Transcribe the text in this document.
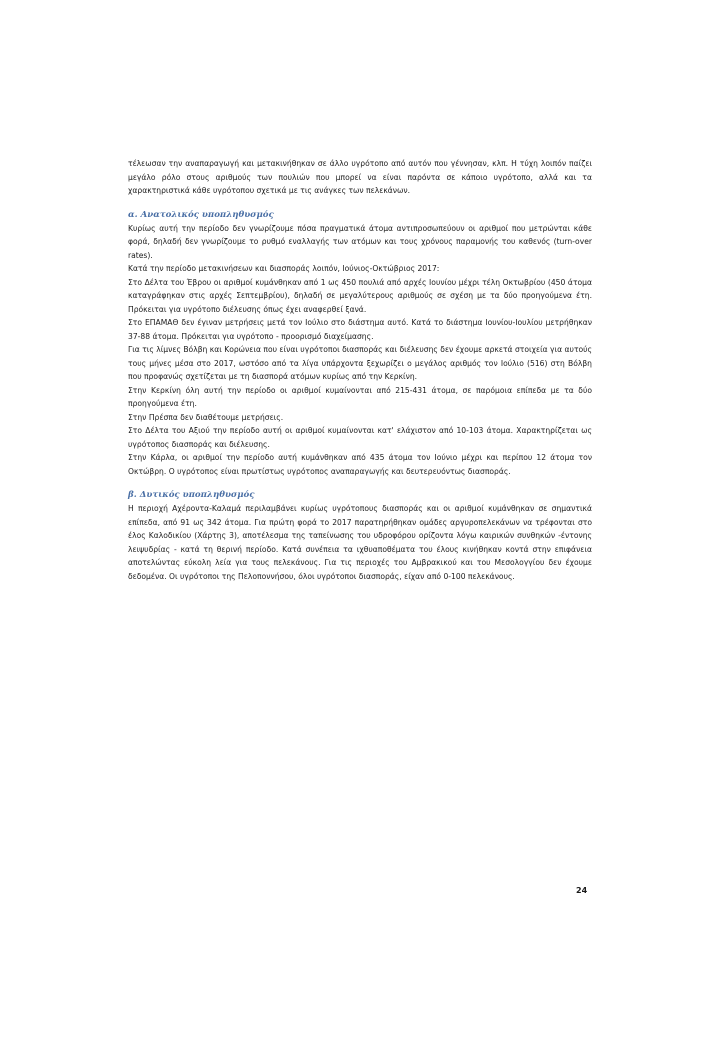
τέλεωσαν την αναπαραγωγή και μετακινήθηκαν σε άλλο υγρότοπο από αυτόν που γέννησαν, κλπ. Η τύχη λοιπόν παίζει μεγάλο ρόλο στους αριθμούς των πουλιών που μπορεί να είναι παρόντα σε κάποιο υγρότοπο, αλλά και τα χαρακτηριστικά κάθε υγρότοπου σχετικά με τις ανάγκες των πελεκάνων.

α. Ανατολικός υποπληθυσμός

Κυρίως αυτή την περίοδο δεν γνωρίζουμε πόσα πραγματικά άτομα αντιπροσωπεύουν οι αριθμοί που μετρώνται κάθε φορά, δηλαδή δεν γνωρίζουμε το ρυθμό εναλλαγής των ατόμων και τους χρόνους παραμονής του καθενός (turn-over rates).

Κατά την περίοδο μετακινήσεων και διασποράς λοιπόν, Ιούνιος-Οκτώβριος 2017:

Στο Δέλτα του Έβρου οι αριθμοί κυμάνθηκαν από 1 ως 450 πουλιά από αρχές Ιουνίου μέχρι τέλη Οκτωβρίου (450 άτομα καταγράφηκαν στις αρχές Σεπτεμβρίου), δηλαδή σε μεγαλύτερους αριθμούς σε σχέση με τα δύο προηγούμενα έτη. Πρόκειται για υγρότοπο διέλευσης όπως έχει αναφερθεί ξανά.

Στο ΕΠΑΜΑΘ δεν έγιναν μετρήσεις μετά τον Ιούλιο στο διάστημα αυτό. Κατά το διάστημα Ιουνίου-Ιουλίου μετρήθηκαν 37-88 άτομα. Πρόκειται για υγρότοπο - προορισμό διαχείμασης.

Για τις λίμνες Βόλβη και Κορώνεια που είναι υγρότοποι διασποράς και διέλευσης δεν έχουμε αρκετά στοιχεία για αυτούς τους μήνες μέσα στο 2017, ωστόσο από τα λίγα υπάρχοντα ξεχωρίζει ο μεγάλος αριθμός τον Ιούλιο (516) στη Βόλβη που προφανώς σχετίζεται με τη διασπορά ατόμων κυρίως από την Κερκίνη.

Στην Κερκίνη όλη αυτή την περίοδο οι αριθμοί κυμαίνονται από 215-431 άτομα, σε παρόμοια επίπεδα με τα δύο προηγούμενα έτη.

Στην Πρέσπα δεν διαθέτουμε μετρήσεις.

Στο Δέλτα του Αξιού την περίοδο αυτή οι αριθμοί κυμαίνονται κατ' ελάχιστον από 10-103 άτομα. Χαρακτηρίζεται ως υγρότοπος διασποράς και διέλευσης.

Στην Κάρλα, οι αριθμοί την περίοδο αυτή κυμάνθηκαν από 435 άτομα τον Ιούνιο μέχρι και περίπου 12 άτομα τον Οκτώβρη. Ο υγρότοπος είναι πρωτίστως υγρότοπος αναπαραγωγής και δευτερευόντως διασποράς.

β. Δυτικός υποπληθυσμός

Η περιοχή Αχέροντα-Καλαμά περιλαμβάνει κυρίως υγρότοπους διασποράς και οι αριθμοί κυμάνθηκαν σε σημαντικά επίπεδα, από 91 ως 342 άτομα. Για πρώτη φορά το 2017 παρατηρήθηκαν ομάδες αργυροπελεκάνων να τρέφονται στο έλος Καλοδικίου (Χάρτης 3), αποτέλεσμα της ταπείνωσης του υδροφόρου ορίζοντα λόγω καιρικών συνθηκών -έντονης λειψυδρίας - κατά τη θερινή περίοδο. Κατά συνέπεια τα ιχθυαποθέματα του έλους κινήθηκαν κοντά στην επιφάνεια αποτελώντας εύκολη λεία για τους πελεκάνους. Για τις περιοχές του Αμβρακικού και του Μεσολογγίου δεν έχουμε δεδομένα. Οι υγρότοποι της Πελοποννήσου, όλοι υγρότοποι διασποράς, είχαν από 0-100 πελεκάνους.

24
